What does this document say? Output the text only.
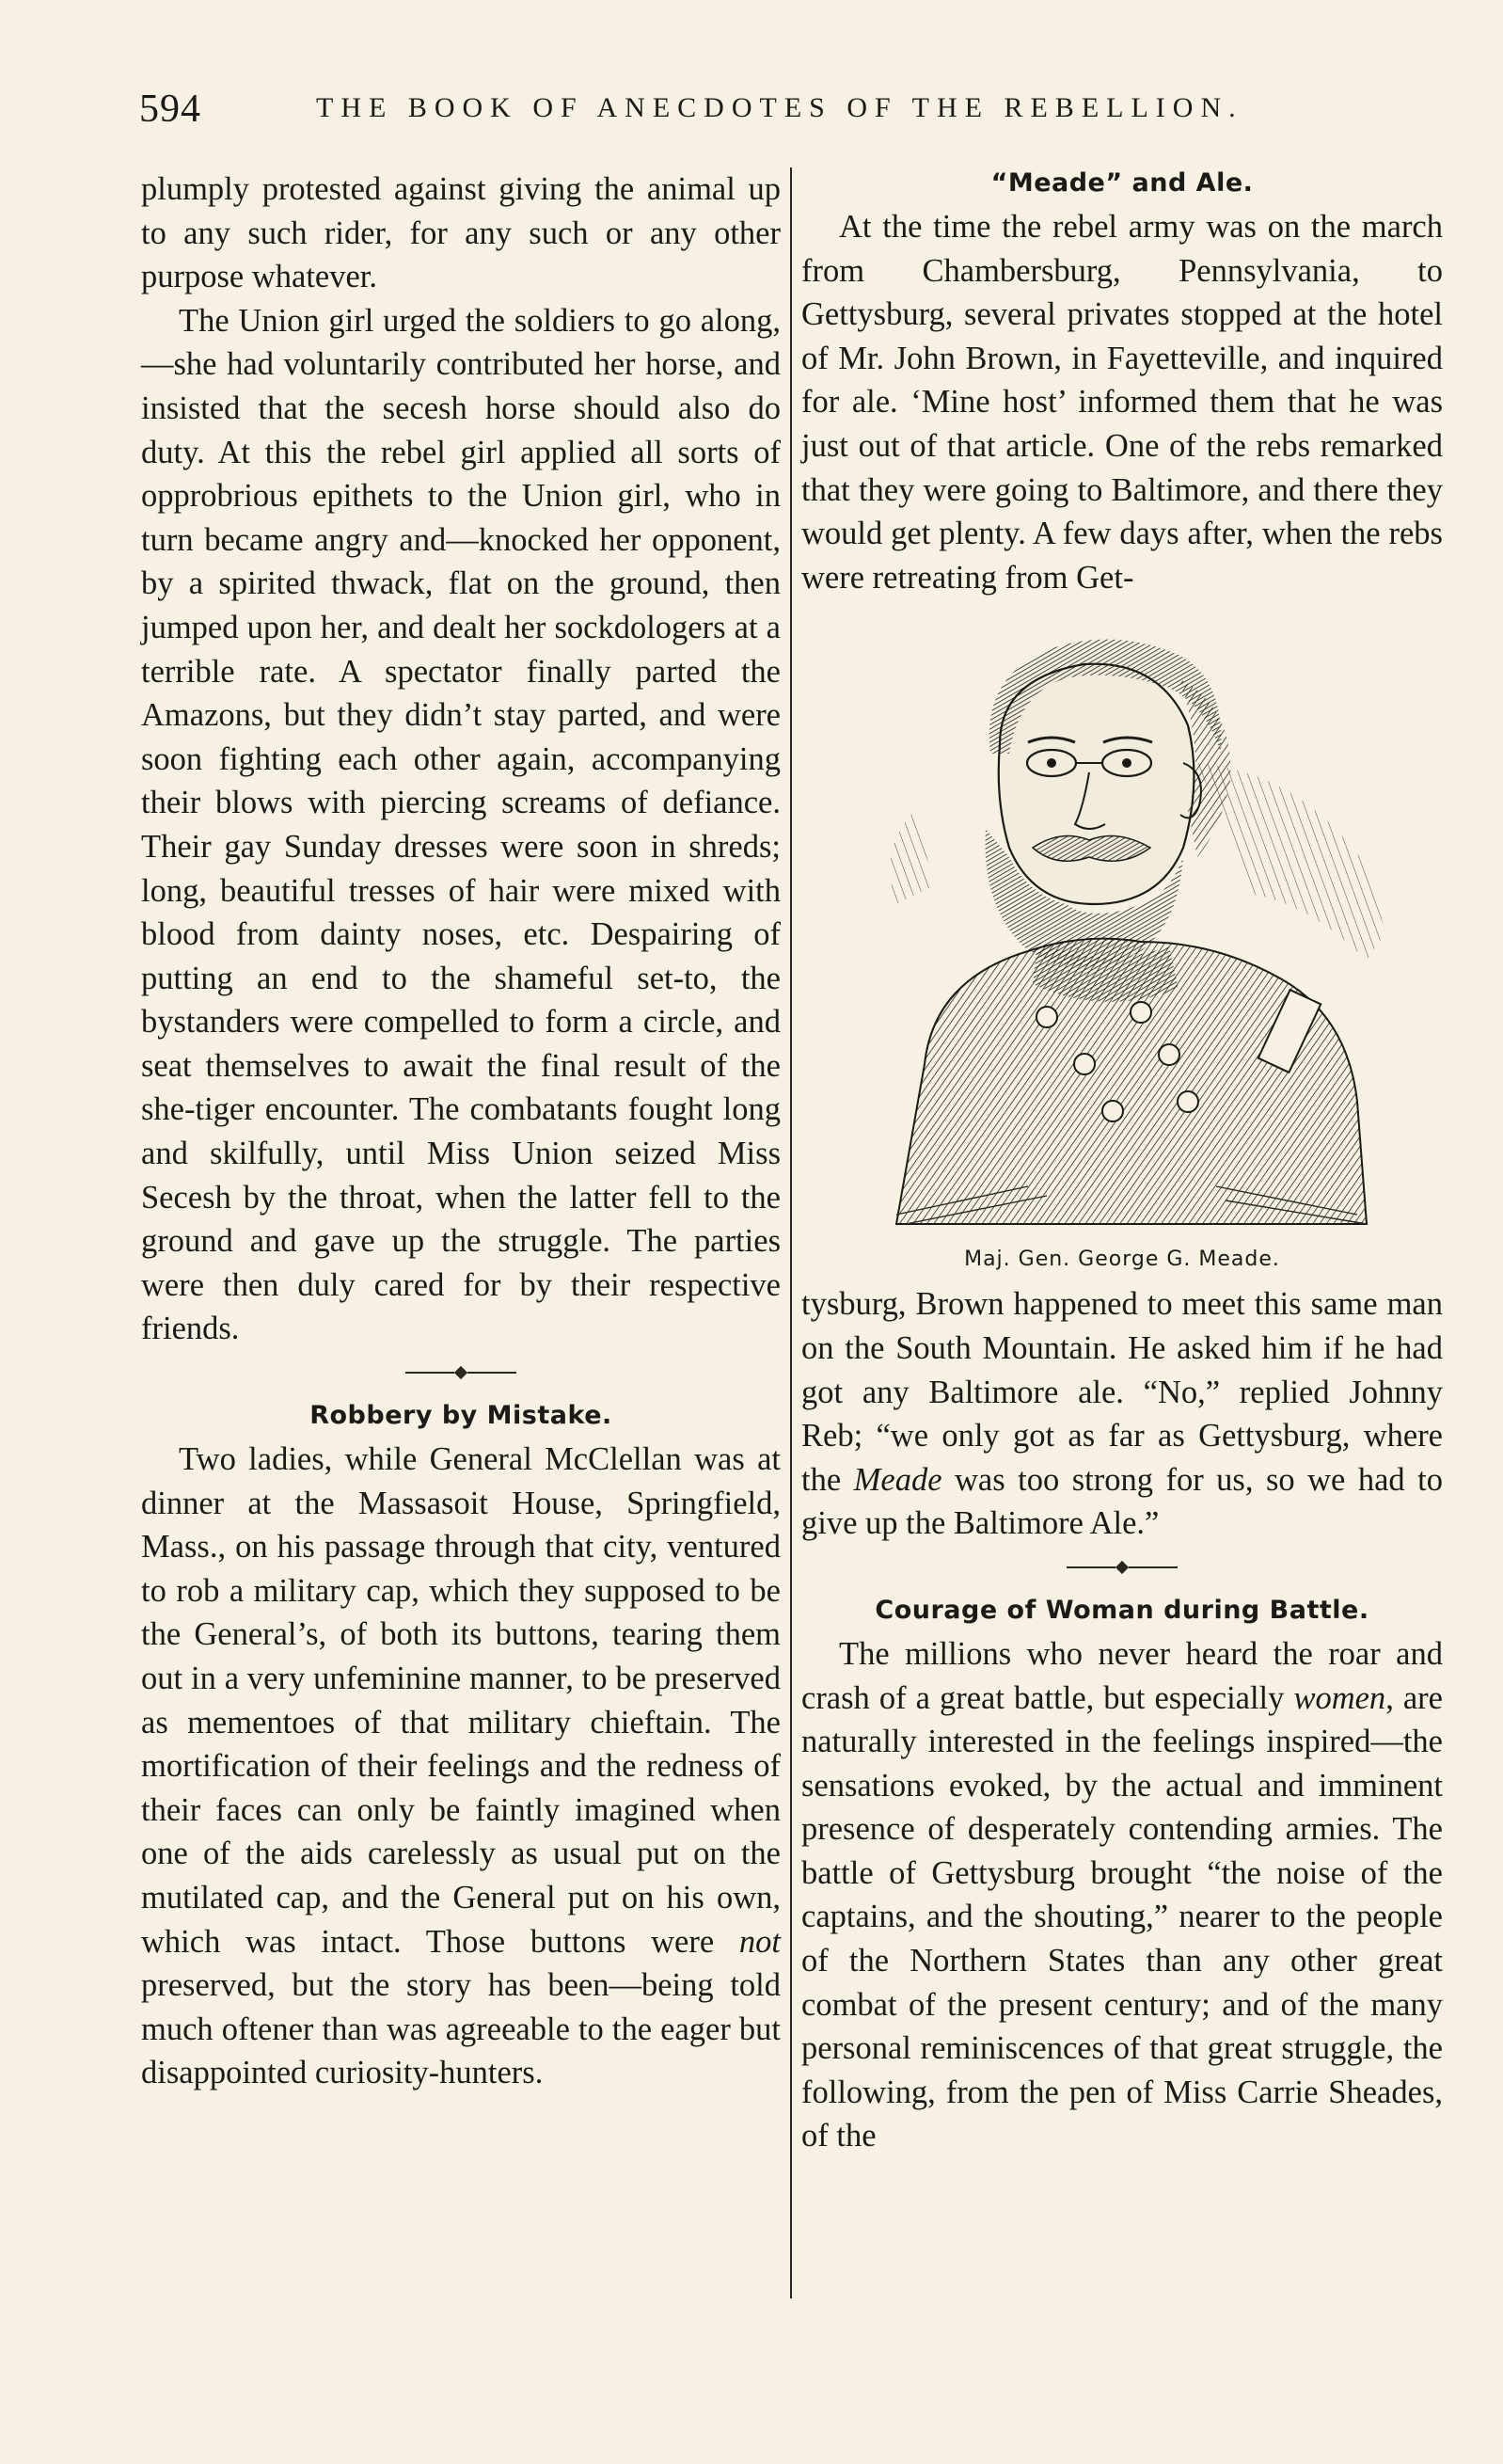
594	THE BOOK OF ANECDOTES OF THE REBELLION.

plumply protested against giving the animal up to any such rider, for any such or any other purpose whatever.

The Union girl urged the soldiers to go along,—she had voluntarily contributed her horse, and insisted that the secesh horse should also do duty. At this the rebel girl applied all sorts of opprobrious epithets to the Union girl, who in turn became angry and—knocked her opponent, by a spirited thwack, flat on the ground, then jumped upon her, and dealt her sockdologers at a terrible rate. A spectator finally parted the Amazons, but they didn’t stay parted, and were soon fighting each other again, accompanying their blows with piercing screams of defiance. Their gay Sunday dresses were soon in shreds; long, beautiful tresses of hair were mixed with blood from dainty noses, etc. Despairing of putting an end to the shameful set-to, the bystanders were compelled to form a circle, and seat themselves to await the final result of the she-tiger encounter. The combatants fought long and skilfully, until Miss Union seized Miss Secesh by the throat, when the latter fell to the ground and gave up the struggle. The parties were then duly cared for by their respective friends.

Robbery by Mistake.

Two ladies, while General McClellan was at dinner at the Massasoit House, Springfield, Mass., on his passage through that city, ventured to rob a military cap, which they supposed to be the General’s, of both its buttons, tearing them out in a very unfeminine manner, to be preserved as mementoes of that military chieftain. The mortification of their feelings and the redness of their faces can only be faintly imagined when one of the aids carelessly as usual put on the mutilated cap, and the General put on his own, which was intact. Those buttons were not preserved, but the story has been—being told much oftener than was agreeable to the eager but disappointed curiosity-hunters.

“Meade” and Ale.

At the time the rebel army was on the march from Chambersburg, Pennsylvania, to Gettysburg, several privates stopped at the hotel of Mr. John Brown, in Fayetteville, and inquired for ale. ‘Mine host’ informed them that he was just out of that article. One of the rebs remarked that they were going to Baltimore, and there they would get plenty. A few days after, when the rebs were retreating from Get-

Maj. Gen. George G. Meade.

tysburg, Brown happened to meet this same man on the South Mountain. He asked him if he had got any Baltimore ale. “No,” replied Johnny Reb; “we only got as far as Gettysburg, where the Meade was too strong for us, so we had to give up the Baltimore Ale.”

Courage of Woman during Battle.

The millions who never heard the roar and crash of a great battle, but especially women, are naturally interested in the feelings inspired—the sensations evoked, by the actual and imminent presence of desperately contending armies. The battle of Gettysburg brought “the noise of the captains, and the shouting,” nearer to the people of the Northern States than any other great combat of the present century; and of the many personal reminiscences of that great struggle, the following, from the pen of Miss Carrie Sheades, of the
